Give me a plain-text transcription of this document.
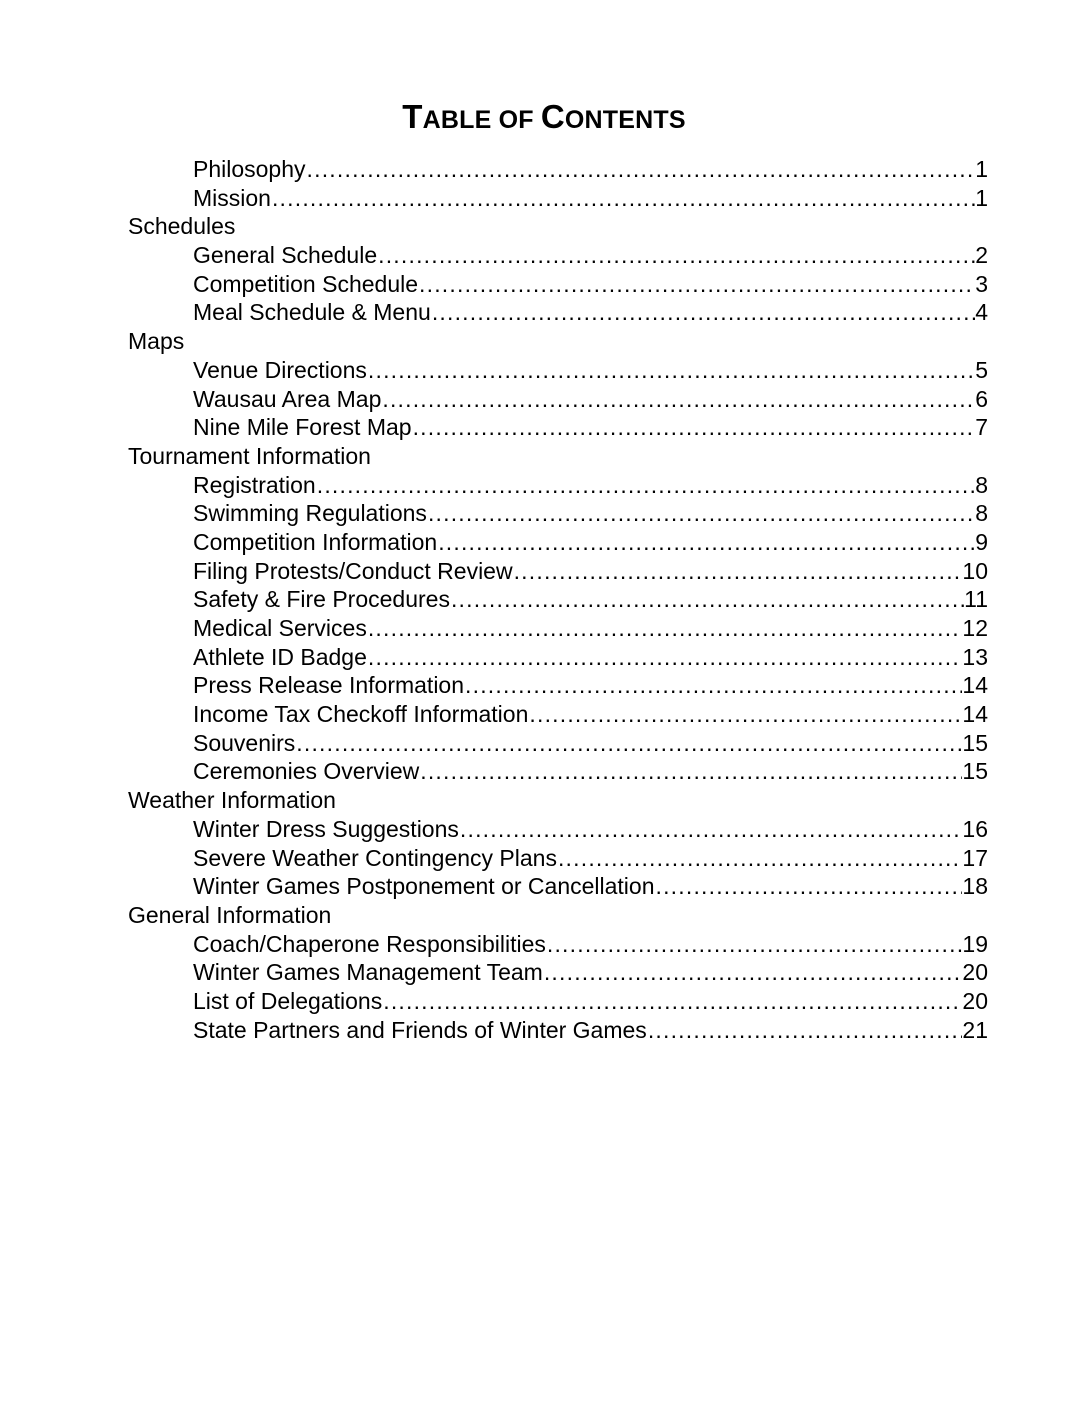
TABLE OF CONTENTS
Philosophy .....	1
Mission .....	1
Schedules
General Schedule .....	2
Competition Schedule .....	3
Meal Schedule & Menu .....	4
Maps
Venue Directions .....	5
Wausau Area Map .....	6
Nine Mile Forest Map .....	7
Tournament Information
Registration .....	8
Swimming Regulations .....	8
Competition Information .....	9
Filing Protests/Conduct Review .....	10
Safety & Fire Procedures .....	11
Medical Services .....	12
Athlete ID Badge .....	13
Press Release Information .....	14
Income Tax Checkoff Information .....	14
Souvenirs .....	15
Ceremonies Overview .....	15
Weather Information
Winter Dress Suggestions .....	16
Severe Weather Contingency Plans .....	17
Winter Games Postponement or Cancellation .....	18
General Information
Coach/Chaperone Responsibilities .....	19
Winter Games Management Team .....	20
List of Delegations .....	20
State Partners and Friends of Winter Games .....	21
